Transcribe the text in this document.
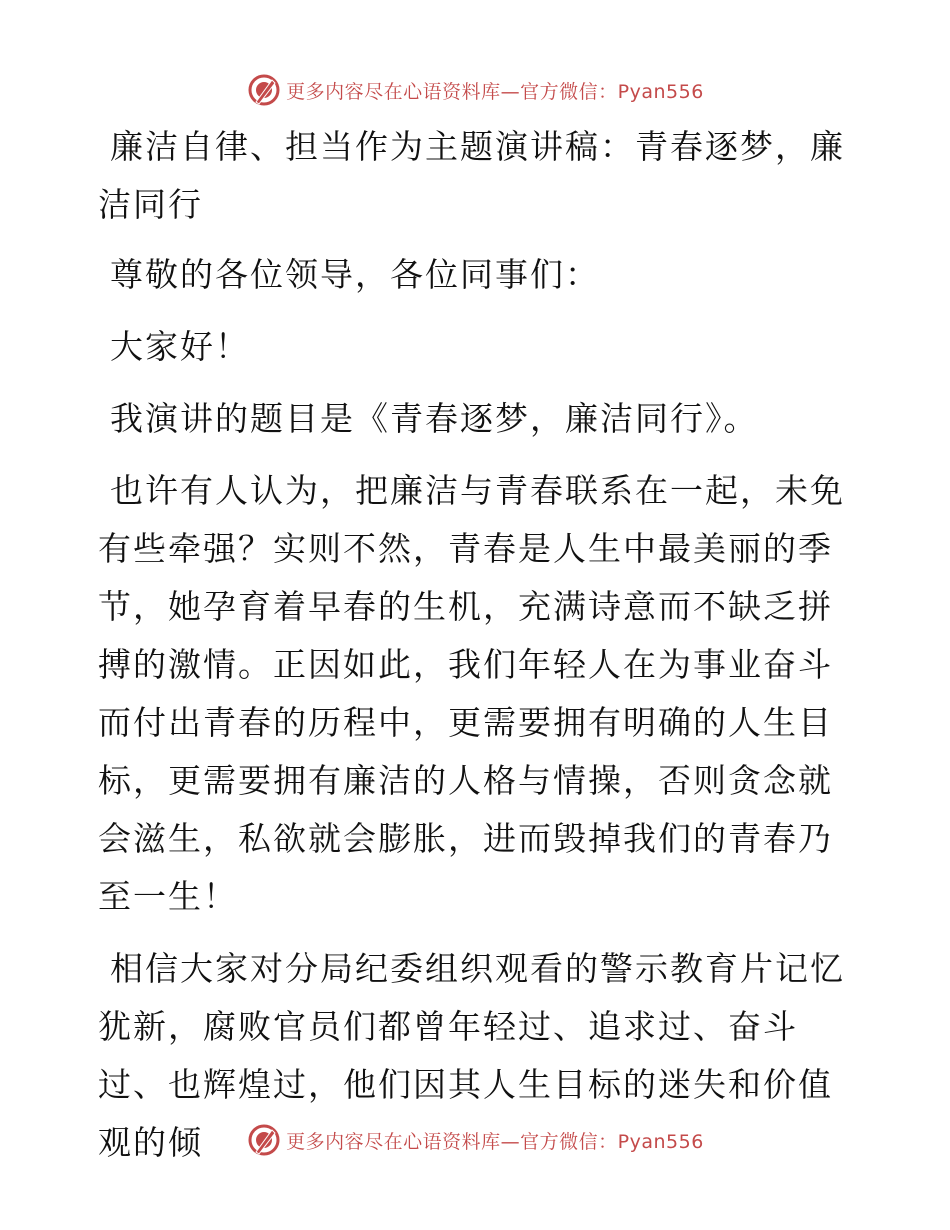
更多内容尽在心语资料库—官方微信：Pyan556

廉洁自律、担当作为主题演讲稿：青春逐梦，廉洁同行

尊敬的各位领导，各位同事们：

大家好！

我演讲的题目是《青春逐梦，廉洁同行》。

也许有人认为，把廉洁与青春联系在一起，未免有些牵强？实则不然，青春是人生中最美丽的季节，她孕育着早春的生机，充满诗意而不缺乏拼搏的激情。正因如此，我们年轻人在为事业奋斗而付出青春的历程中，更需要拥有明确的人生目标，更需要拥有廉洁的人格与情操，否则贪念就会滋生，私欲就会膨胀，进而毁掉我们的青春乃至一生！

相信大家对分局纪委组织观看的警示教育片记忆犹新，腐败官员们都曾年轻过、追求过、奋斗过、也辉煌过，他们因其人生目标的迷失和价值观的倾	更多内容尽在心语资料库—官方微信：Pyan556
